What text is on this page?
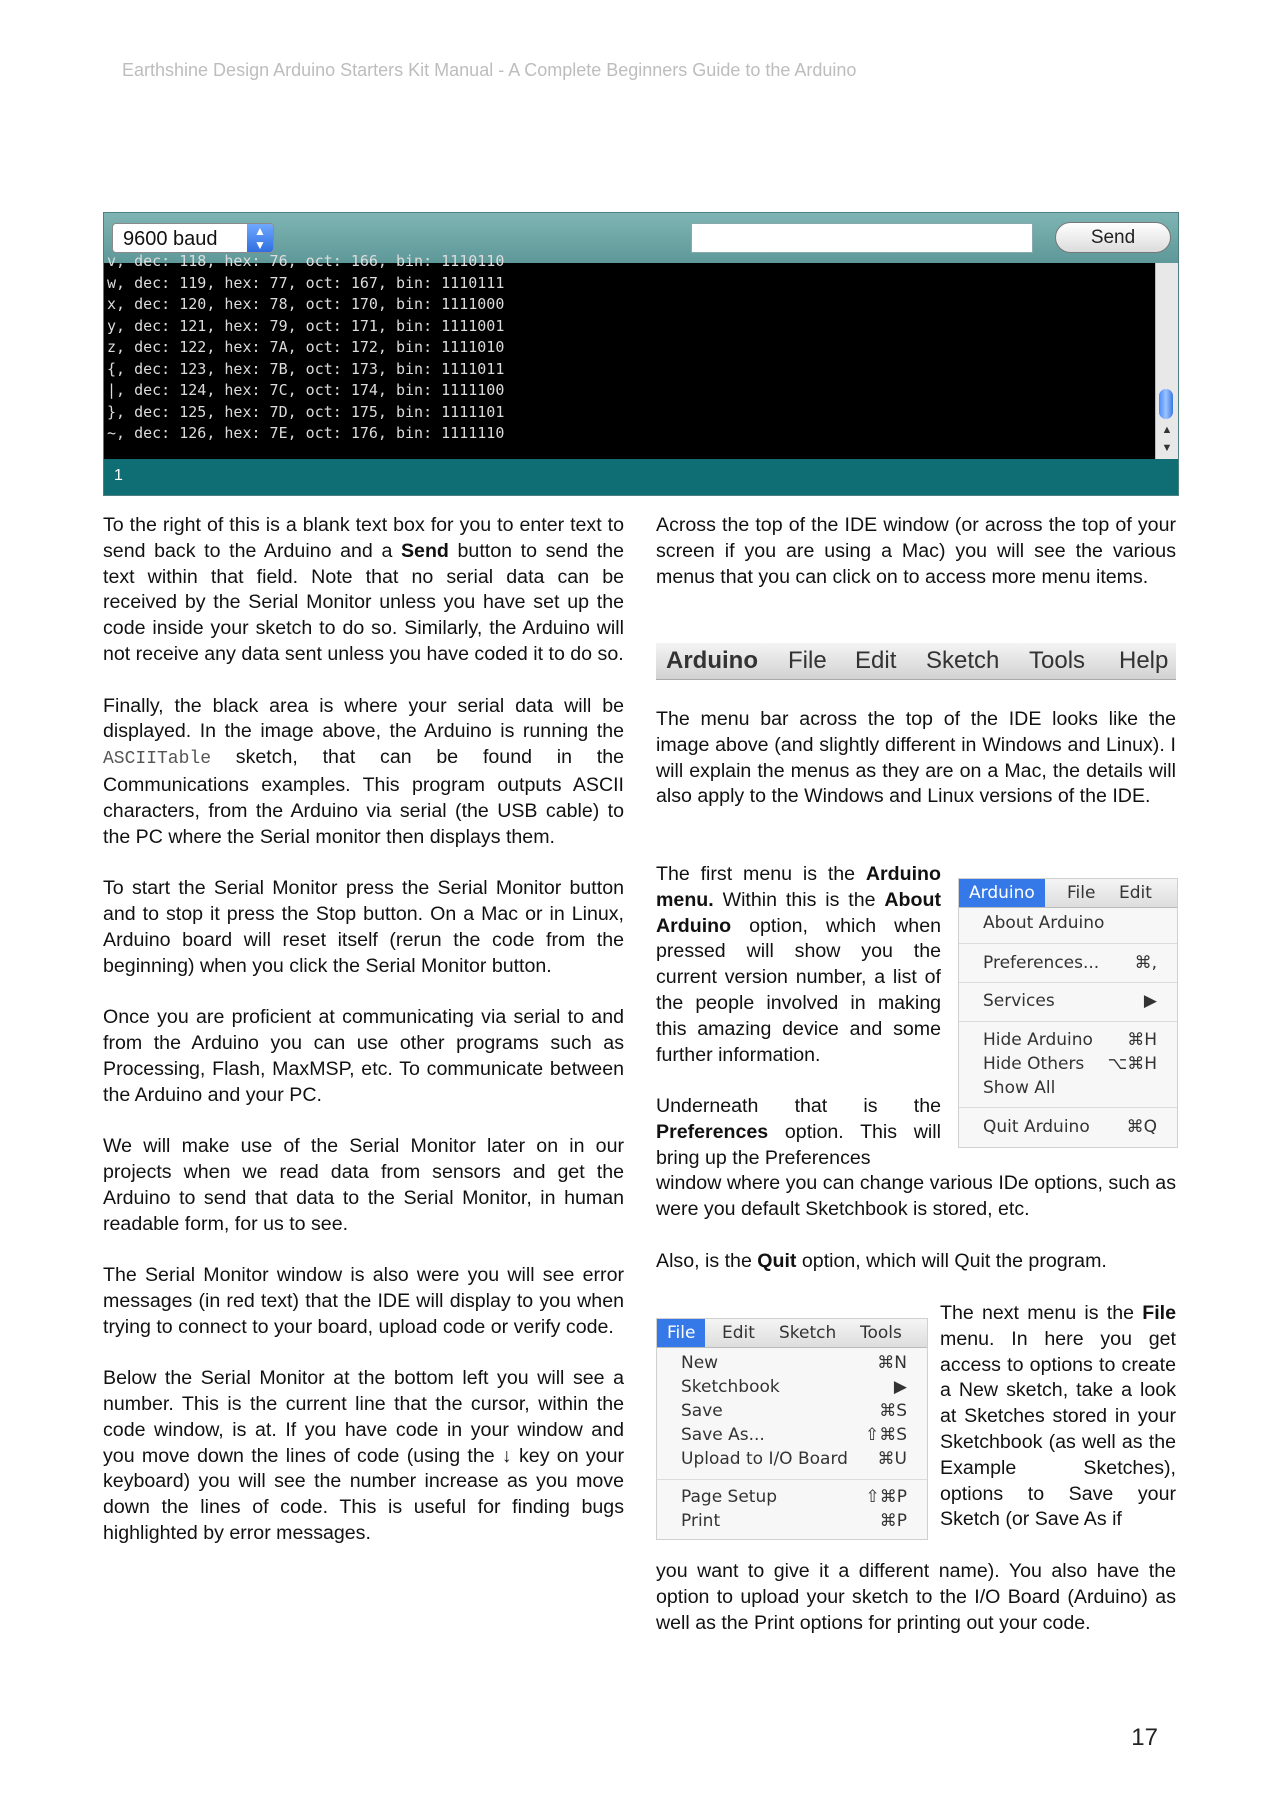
Earthshine Design Arduino Starters Kit Manual - A Complete Beginners Guide to the Arduino
9600 baud	▲
▼	Send
v, dec: 118, hex: 76, oct: 166, bin: 1110110
w, dec: 119, hex: 77, oct: 167, bin: 1110111
x, dec: 120, hex: 78, oct: 170, bin: 1111000
y, dec: 121, hex: 79, oct: 171, bin: 1111001
z, dec: 122, hex: 7A, oct: 172, bin: 1111010
{, dec: 123, hex: 7B, oct: 173, bin: 1111011
|, dec: 124, hex: 7C, oct: 174, bin: 1111100
}, dec: 125, hex: 7D, oct: 175, bin: 1111101
~, dec: 126, hex: 7E, oct: 176, bin: 1111110	▲
▼
1

To the right of this is a blank text box for you to enter text to send back to the Arduino and a Send button to send the text within that field. Note that no serial data can be received by the Serial Monitor unless you have set up the code inside your sketch to do so. Similarly, the Arduino will not receive any data sent unless you have coded it to do so.

Finally, the black area is where your serial data will be displayed. In the image above, the Arduino is running the ASCIITable sketch, that can be found in the Communications examples. This program outputs ASCII characters, from the Arduino via serial (the USB cable) to the PC where the Serial monitor then displays them.

To start the Serial Monitor press the Serial Monitor button and to stop it press the Stop button. On a Mac or in Linux, Arduino board will reset itself (rerun the code from the beginning) when you click the Serial Monitor button.

Once you are proficient at communicating via serial to and from the Arduino you can use other programs such as Processing, Flash, MaxMSP, etc. To communicate between the Arduino and your PC.

We will make use of the Serial Monitor later on in our projects when we read data from sensors and get the Arduino to send that data to the Serial Monitor, in human readable form, for us to see.

The Serial Monitor window is also were you will see error messages (in red text) that the IDE will display to you when trying to connect to your board, upload code or verify code.

Below the Serial Monitor at the bottom left you will see a number. This is the current line that the cursor, within the code window, is at. If you have code in your window and you move down the lines of code (using the ↓ key on your keyboard) you will see the number increase as you move down the lines of code. This is useful for finding bugs highlighted by error messages.

Across the top of the IDE window (or across the top of your screen if you are using a Mac) you will see the various menus that you can click on to access more menu items.
Arduino File Edit Sketch Tools Help
The menu bar across the top of the IDE looks like the image above (and slightly different in Windows and Linux). I will explain the menus as they are on a Mac, the details will also apply to the Windows and Linux versions of the IDE.
The first menu is the Arduino menu. Within this is the About Arduino option, which when pressed will show you the current version number, a list of the people involved in making this amazing device and some further information.
Underneath that is the Preferences option. This will bring up the Preferences
window where you can change various IDe options, such as were you default Sketchbook is stored, etc.
Also, is the Quit option, which will Quit the program.
The next menu is the File menu. In here you get access to options to create a New sketch, take a look at Sketches stored in your Sketchbook (as well as the Example Sketches), options to Save your Sketch (or Save As if
you want to give it a different name). You also have the option to upload your sketch to the I/O Board (Arduino) as well as the Print options for printing out your code.
Arduino	File Edit
About Arduino
Preferences... ⌘,
Services	▶
Hide Arduino ⌘H
Hide Others ⌥⌘H
Show All
Quit Arduino ⌘Q
File	Edit Sketch Tools
New	⌘N
Sketchbook	▶
Save	⌘S
Save As...	⇧⌘S
Upload to I/O Board ⌘U
Page Setup	⇧⌘P
Print	⌘P
17
